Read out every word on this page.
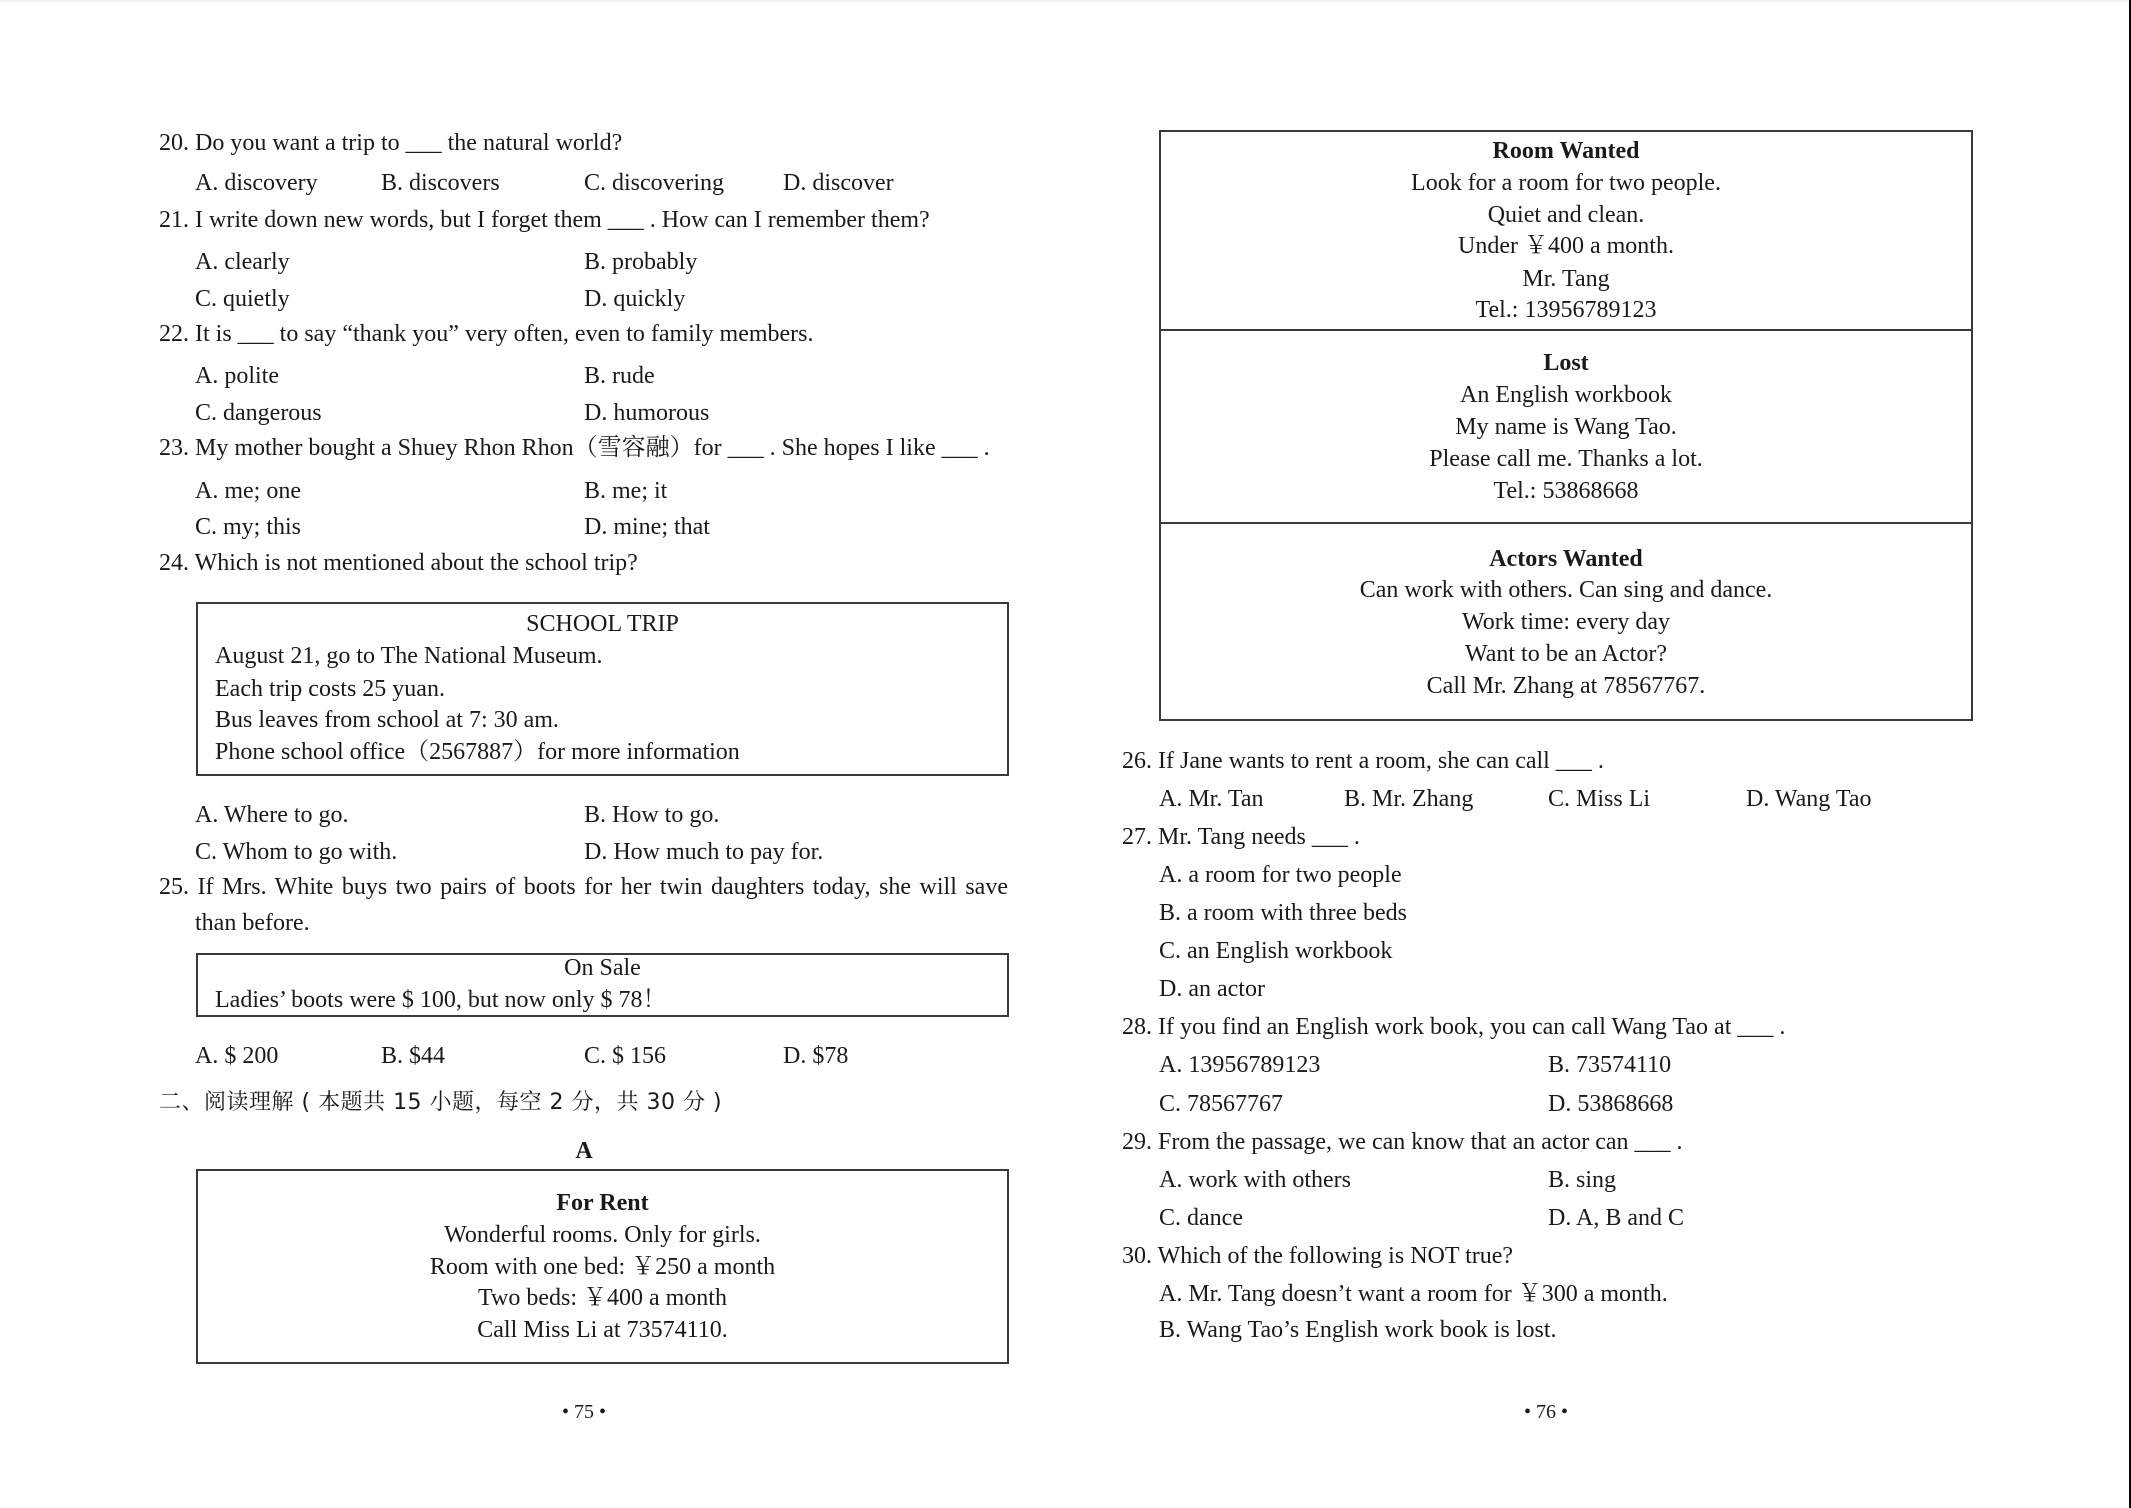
20. Do you want a trip to ___ the natural world?
A. discovery	B. discovers	C. discovering D. discover
21. I write down new words, but I forget them ___ . How can I remember them?
A. clearly	B. probably
C. quietly	D. quickly
22. It is ___ to say “thank you” very often, even to family members.
A. polite	B. rude
C. dangerous	D. humorous
23. My mother bought a Shuey Rhon Rhon（雪容融）for ___ . She hopes I like ___ .
A. me; one	B. me; it
C. my; this	D. mine; that
24. Which is not mentioned about the school trip?
SCHOOL TRIP
August 21, go to The National Museum.
Each trip costs 25 yuan.
Bus leaves from school at 7: 30 am.
Phone school office（2567887）for more information
A. Where to go.	B. How to go.
C. Whom to go with.	D. How much to pay for.
25. If Mrs. White buys two pairs of boots for her twin daughters today, she will save
than before.
On Sale
Ladies’ boots were $ 100, but now only $ 78！
A. $ 200	B. $44	C. $ 156	D. $78
二、阅读理解 ( 本题共 15 小题，每空 2 分，共 30 分 )
A
For Rent
Wonderful rooms. Only for girls.
Room with one bed: ￥250 a month
Two beds: ￥400 a month
Call Miss Li at 73574110.
• 75 •
Room Wanted
Look for a room for two people.
Quiet and clean.
Under ￥400 a month.
Mr. Tang
Tel.: 13956789123
Lost
An English workbook
My name is Wang Tao.
Please call me. Thanks a lot.
Tel.: 53868668
Actors Wanted
Can work with others. Can sing and dance.
Work time: every day
Want to be an Actor?
Call Mr. Zhang at 78567767.
26. If Jane wants to rent a room, she can call ___ .
A. Mr. Tan	B. Mr. Zhang	C. Miss Li	D. Wang Tao
27. Mr. Tang needs ___ .
A. a room for two people
B. a room with three beds
C. an English workbook
D. an actor
28. If you find an English work book, you can call Wang Tao at ___ .
A. 13956789123	B. 73574110
C. 78567767	D. 53868668
29. From the passage, we can know that an actor can ___ .
A. work with others	B. sing
C. dance	D. A, B and C
30. Which of the following is NOT true?
A. Mr. Tang doesn’t want a room for ￥300 a month.
B. Wang Tao’s English work book is lost.
• 76 •
